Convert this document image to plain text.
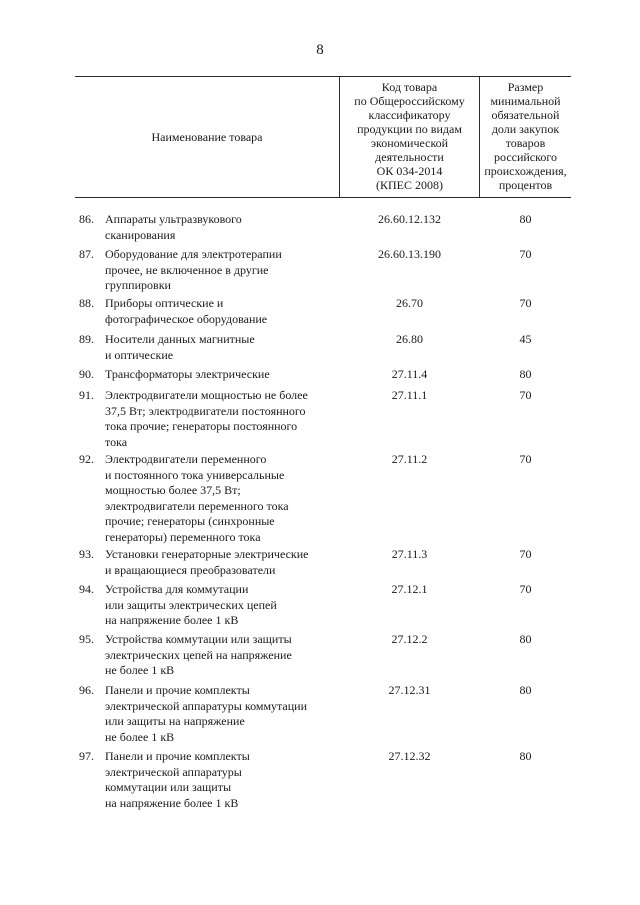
8
Наименование товара
Код товара
по Общероссийскому
классификатору
продукции по видам
экономической
деятельности
ОК 034-2014
(КПЕС 2008)
Размер
минимальной
обязательной
доли закупок
товаров
российского
происхождения,
процентов
86. Аппараты ультразвукового
сканирования
26.60.12.132	80
87. Оборудование для электротерапии
прочее, не включенное в другие
группировки
26.60.13.190	70
88. Приборы оптические и
фотографическое оборудование
26.70	70
89. Носители данных магнитные
и оптические
26.80	45
90. Трансформаторы электрические	27.11.4	80
91. Электродвигатели мощностью не более
37,5 Вт; электродвигатели постоянного
тока прочие; генераторы постоянного
тока
27.11.1	70
92. Электродвигатели переменного
и постоянного тока универсальные
мощностью более 37,5 Вт;
электродвигатели переменного тока
прочие; генераторы (синхронные
генераторы) переменного тока
27.11.2	70
93. Установки генераторные электрические
и вращающиеся преобразователи
27.11.3	70
94. Устройства для коммутации
или защиты электрических цепей
на напряжение более 1 кВ
27.12.1	70
95. Устройства коммутации или защиты
электрических цепей на напряжение
не более 1 кВ
27.12.2	80
96. Панели и прочие комплекты
электрической аппаратуры коммутации
или защиты на напряжение
не более 1 кВ
27.12.31	80
97. Панели и прочие комплекты
электрической аппаратуры
коммутации или защиты
на напряжение более 1 кВ
27.12.32	80
